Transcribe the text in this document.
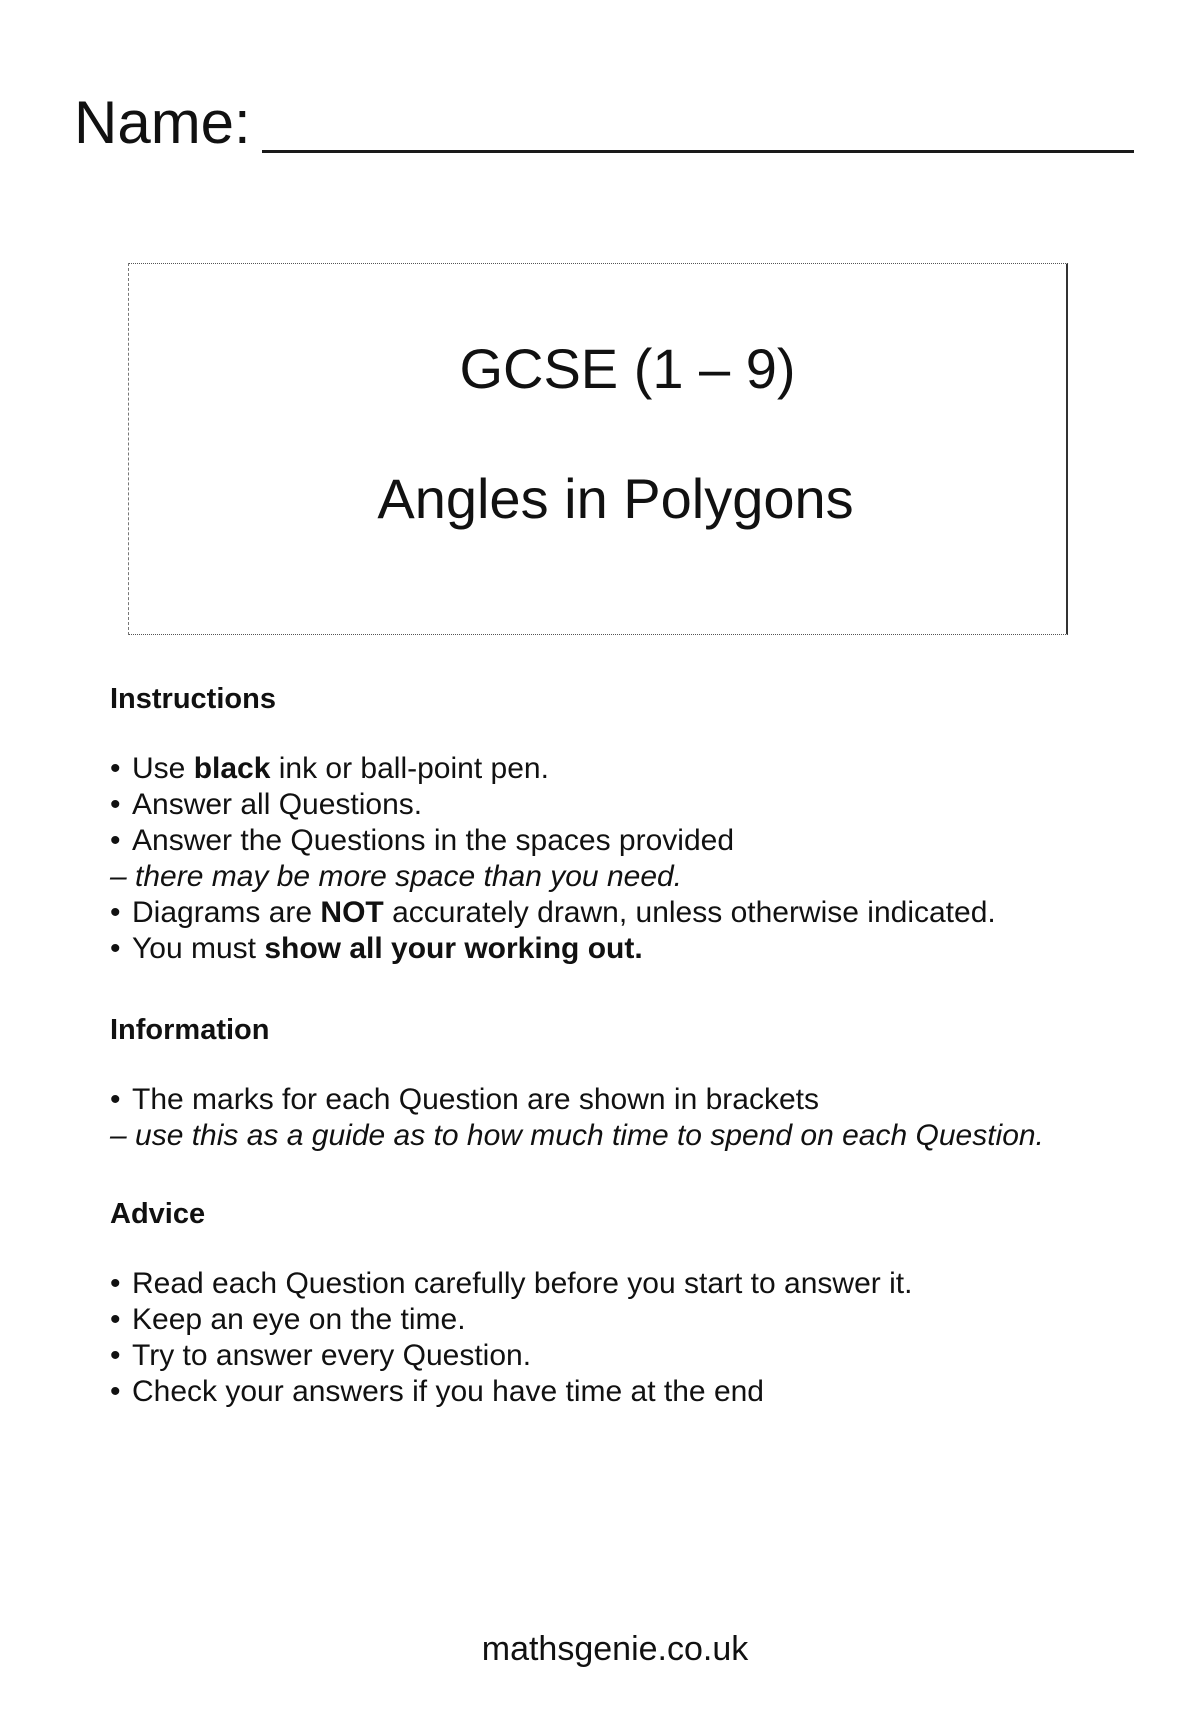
Name:
GCSE (1 – 9)
Angles in Polygons
Instructions
• Use black ink or ball-point pen.
• Answer all Questions.
• Answer the Questions in the spaces provided
– there may be more space than you need.
• Diagrams are NOT accurately drawn, unless otherwise indicated.
• You must show all your working out.
Information
• The marks for each Question are shown in brackets
– use this as a guide as to how much time to spend on each Question.
Advice
• Read each Question carefully before you start to answer it.
• Keep an eye on the time.
• Try to answer every Question.
• Check your answers if you have time at the end
mathsgenie.co.uk
